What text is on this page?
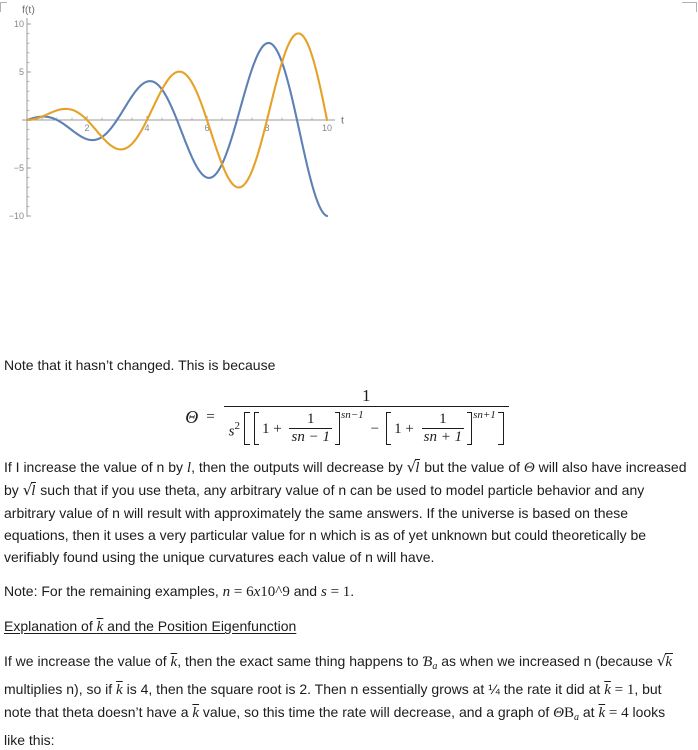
2	4	6	8	10
−10
−5
5
10
t
f(t)

Note that it hasn’t changed. This is because

Θ =
1
$s^2$ $1 + \frac{1}{sn - 1} sn-1$
− $1 + \frac{1}{sn + 1} sn+1$

If I increase the value of n by l, then the outputs will decrease by √l but the value of Θ will also have increased by √l such that if you use theta, any arbitrary value of n can be used to model particle behavior and any arbitrary value of n will result with approximately the same answers. If the universe is based on these equations, then it uses a very particular value for n which is as of yet unknown but could theoretically be verifiably found using the unique curvatures each value of n will have.

Note: For the remaining examples, n = 6x10^9 and s = 1.

Explanation of k and the Position Eigenfunction

If we increase the value of $\overline{k}$, then the exact same thing happens to $Ɓ_a$ as when we increased n (because √k multiplies n), so if $\overline{k}$ is 4, then the square root is 2. Then n essentially grows at ¼ the rate it did at $\overline{k} = 1$, but note that theta doesn’t have a $\overline{k}$ value, so this time the rate will decrease, and a graph of $\Theta B_a$ at $\overline{k} = 4$ looks like this:
